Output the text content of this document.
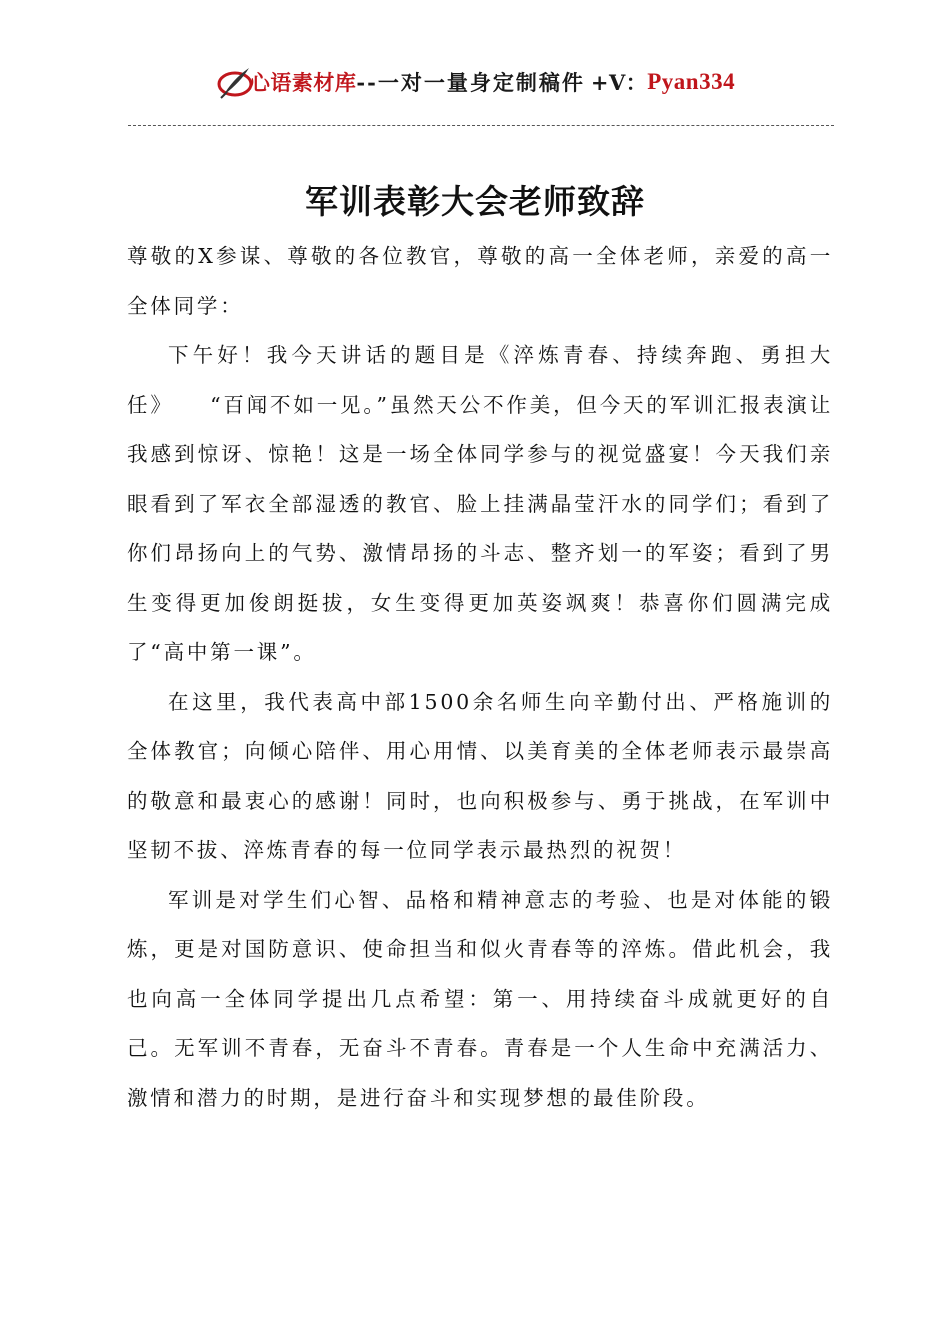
心语素材库 --一对一量身定制稿件 +V： Pyan334
军训表彰大会老师致辞

尊敬的X参谋、尊敬的各位教官，尊敬的高一全体老师，亲爱的高一全体同学：

下午好！我今天讲话的题目是《淬炼青春、持续奔跑、勇担大任》　　“百闻不如一见。”虽然天公不作美，但今天的军训汇报表演让我感到惊讶、惊艳！这是一场全体同学参与的视觉盛宴！今天我们亲眼看到了军衣全部湿透的教官、脸上挂满晶莹汗水的同学们；看到了你们昂扬向上的气势、激情昂扬的斗志、整齐划一的军姿；看到了男生变得更加俊朗挺拔，女生变得更加英姿飒爽！恭喜你们圆满完成了“高中第一课”。

在这里，我代表高中部1500余名师生向辛勤付出、严格施训的全体教官；向倾心陪伴、用心用情、以美育美的全体老师表示最崇高的敬意和最衷心的感谢！同时，也向积极参与、勇于挑战，在军训中坚韧不拔、淬炼青春的每一位同学表示最热烈的祝贺！

军训是对学生们心智、品格和精神意志的考验、也是对体能的锻炼，更是对国防意识、使命担当和似火青春等的淬炼。借此机会，我也向高一全体同学提出几点希望：第一、用持续奋斗成就更好的自己。无军训不青春，无奋斗不青春。青春是一个人生命中充满活力、激情和潜力的时期，是进行奋斗和实现梦想的最佳阶段。
